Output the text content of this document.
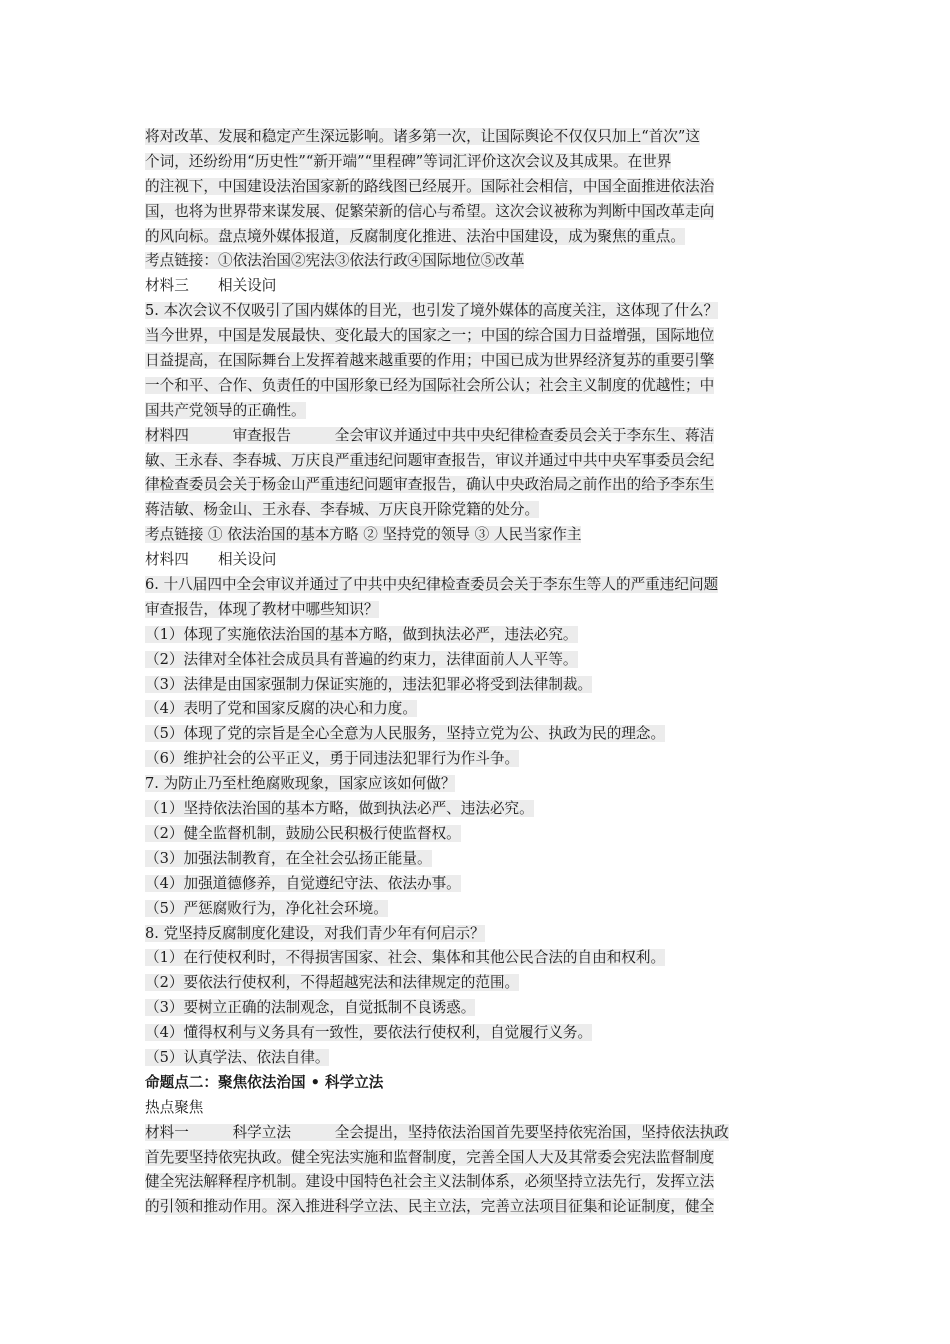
将对改革、发展和稳定产生深远影响。诸多第一次，让国际舆论不仅仅只加上“首次”这
个词，还纷纷用“历史性”“新开端”“里程碑”等词汇评价这次会议及其成果。在世界
的注视下，中国建设法治国家新的路线图已经展开。国际社会相信，中国全面推进依法治
国，也将为世界带来谋发展、促繁荣新的信心与希望。这次会议被称为判断中国改革走向
的风向标。盘点境外媒体报道，反腐制度化推进、法治中国建设，成为聚焦的重点。
考点链接：①依法治国②宪法③依法行政④国际地位⑤改革
材料三　　相关设问
5. 本次会议不仅吸引了国内媒体的目光，也引发了境外媒体的高度关注，这体现了什么？
当今世界，中国是发展最快、变化最大的国家之一；中国的综合国力日益增强，国际地位
日益提高，在国际舞台上发挥着越来越重要的作用；中国已成为世界经济复苏的重要引擎
一个和平、合作、负责任的中国形象已经为国际社会所公认；社会主义制度的优越性；中
国共产党领导的正确性。
材料四　　　审查报告　　　全会审议并通过中共中央纪律检查委员会关于李东生、蒋洁
敏、王永春、李春城、万庆良严重违纪问题审查报告，审议并通过中共中央军事委员会纪
律检查委员会关于杨金山严重违纪问题审查报告，确认中央政治局之前作出的给予李东生
蒋洁敏、杨金山、王永春、李春城、万庆良开除党籍的处分。
考点链接 ① 依法治国的基本方略 ② 坚持党的领导 ③ 人民当家作主
材料四　　相关设问
6. 十八届四中全会审议并通过了中共中央纪律检查委员会关于李东生等人的严重违纪问题
审查报告，体现了教材中哪些知识？
（1）体现了实施依法治国的基本方略，做到执法必严，违法必究。
（2）法律对全体社会成员具有普遍的约束力，法律面前人人平等。
（3）法律是由国家强制力保证实施的，违法犯罪必将受到法律制裁。
（4）表明了党和国家反腐的决心和力度。
（5）体现了党的宗旨是全心全意为人民服务，坚持立党为公、执政为民的理念。
（6）维护社会的公平正义，勇于同违法犯罪行为作斗争。
7. 为防止乃至杜绝腐败现象，国家应该如何做？
（1）坚持依法治国的基本方略，做到执法必严、违法必究。
（2）健全监督机制，鼓励公民积极行使监督权。
（3）加强法制教育，在全社会弘扬正能量。
（4）加强道德修养，自觉遵纪守法、依法办事。
（5）严惩腐败行为，净化社会环境。
8. 党坚持反腐制度化建设，对我们青少年有何启示？
（1）在行使权利时，不得损害国家、社会、集体和其他公民合法的自由和权利。
（2）要依法行使权利，不得超越宪法和法律规定的范围。
（3）要树立正确的法制观念，自觉抵制不良诱惑。
（4）懂得权利与义务具有一致性，要依法行使权利，自觉履行义务。
（5）认真学法、依法自律。
命题点二：聚焦依法治国 • 科学立法
热点聚焦
材料一　　　科学立法　　　全会提出，坚持依法治国首先要坚持依宪治国，坚持依法执政
首先要坚持依宪执政。健全宪法实施和监督制度，完善全国人大及其常委会宪法监督制度
健全宪法解释程序机制。建设中国特色社会主义法制体系，必须坚持立法先行，发挥立法
的引领和推动作用。深入推进科学立法、民主立法，完善立法项目征集和论证制度，健全
